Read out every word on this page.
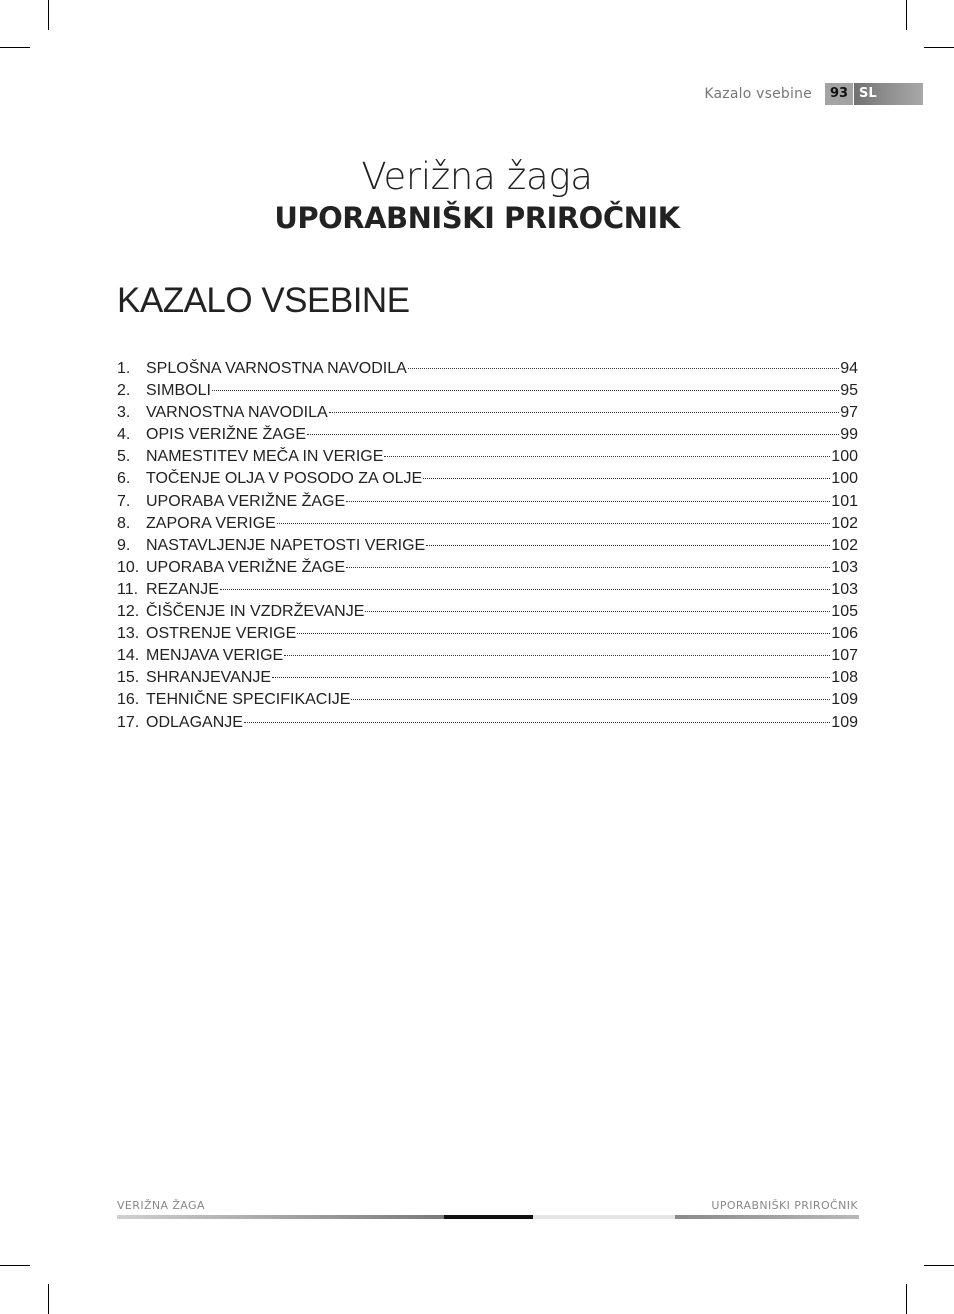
Kazalo vsebine	93 SL
Verižna žaga
UPORABNIŠKI PRIROČNIK
KAZALO VSEBINE
1. SPLOŠNA VARNOSTNA NAVODILA	94
2. SIMBOLI	95
3. VARNOSTNA NAVODILA	97
4. OPIS VERIŽNE ŽAGE	99
5. NAMESTITEV MEČA IN VERIGE	100
6. TOČENJE OLJA V POSODO ZA OLJE	100
7. UPORABA VERIŽNE ŽAGE	101
8. ZAPORA VERIGE	102
9. NASTAVLJENJE NAPETOSTI VERIGE	102
10. UPORABA VERIŽNE ŽAGE	103
11. REZANJE	103
12. ČIŠČENJE IN VZDRŽEVANJE	105
13. OSTRENJE VERIGE	106
14. MENJAVA VERIGE	107
15. SHRANJEVANJE	108
16. TEHNIČNE SPECIFIKACIJE	109
17. ODLAGANJE	109
VERIŽNA ŽAGA	UPORABNIŠKI PRIROČNIK
